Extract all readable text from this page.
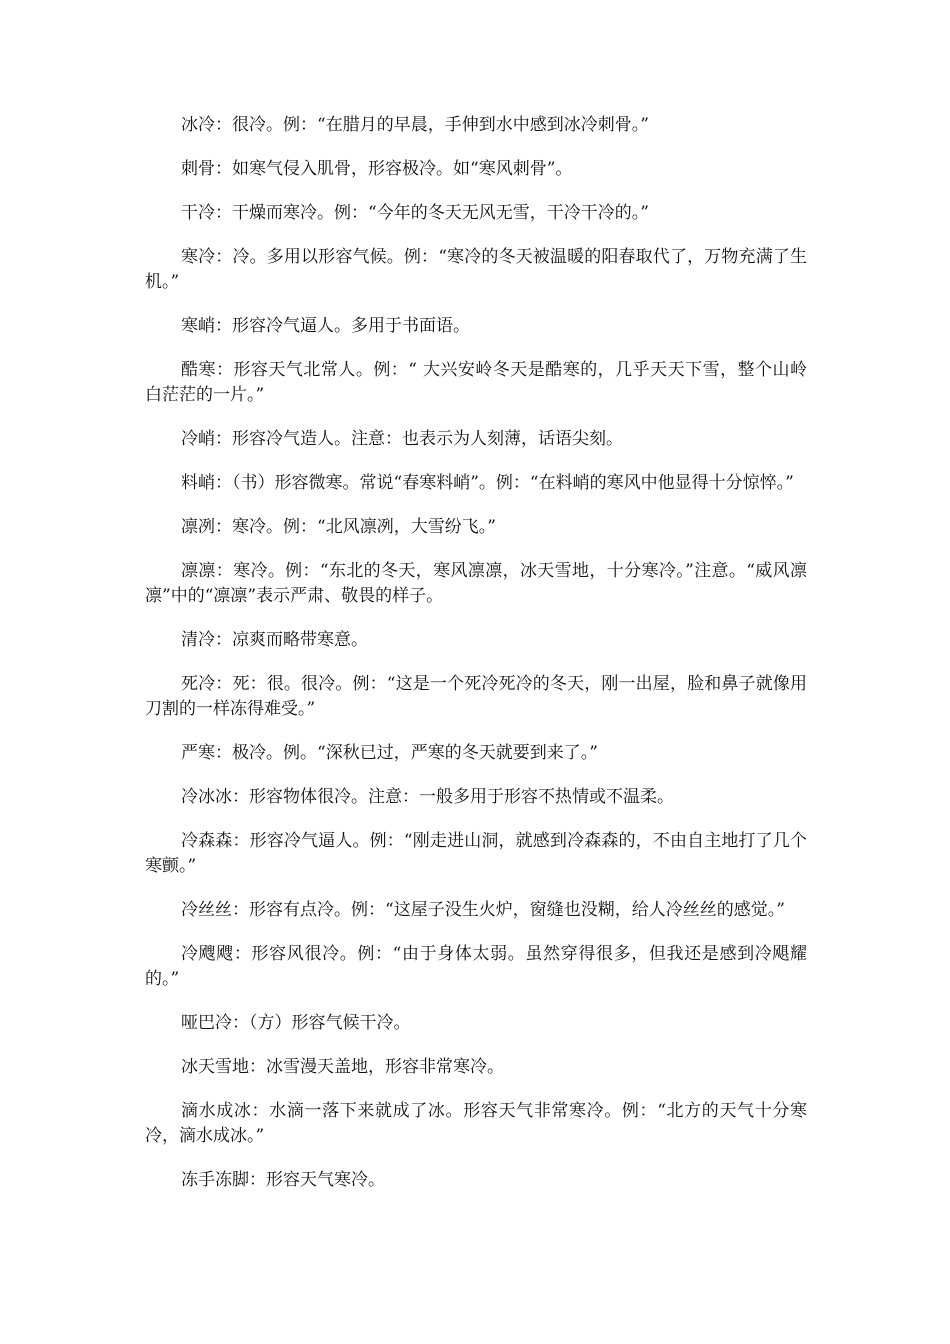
冰冷：很冷。例：“在腊月的早晨，手伸到水中感到冰冷刺骨。”

刺骨：如寒气侵入肌骨，形容极冷。如“寒风刺骨”。

干冷：干燥而寒冷。例：“今年的冬天无风无雪，干冷干冷的。”

寒冷：冷。多用以形容气候。例：“寒冷的冬天被温暖的阳春取代了，万物充满了生机。”

寒峭：形容冷气逼人。多用于书面语。

酷寒：形容天气北常人。例：“ 大兴安岭冬天是酷寒的，几乎天天下雪，整个山岭白茫茫的一片。”

冷峭：形容冷气造人。注意：也表示为人刻薄，话语尖刻。

料峭：（书）形容微寒。常说“春寒料峭”。例：“在料峭的寒风中他显得十分惊悴。”

凛冽：寒冷。例：“北风凛冽，大雪纷飞。”

凛凛：寒冷。例：“东北的冬天，寒风凛凛，冰天雪地，十分寒冷。”注意。“威风凛凛”中的“凛凛”表示严肃、敬畏的样子。

清冷：凉爽而略带寒意。

死冷：死：很。很冷。例：“这是一个死冷死冷的冬天，刚一出屋，脸和鼻子就像用刀割的一样冻得难受。”

严寒：极冷。例。“深秋已过，严寒的冬天就要到来了。”

冷冰冰：形容物体很冷。注意：一般多用于形容不热情或不温柔。

冷森森：形容冷气逼人。例：“刚走进山洞，就感到冷森森的，不由自主地打了几个寒颤。”

冷丝丝：形容有点冷。例：“这屋子没生火炉，窗缝也没糊，给人冷丝丝的感觉。”

冷飕飕：形容风很冷。例：“由于身体太弱。虽然穿得很多，但我还是感到冷飓耀的。”

哑巴冷：（方）形容气候干冷。

冰天雪地：冰雪漫天盖地，形容非常寒冷。

滴水成冰：水滴一落下来就成了冰。形容天气非常寒冷。例：“北方的天气十分寒冷，滴水成冰。”

冻手冻脚：形容天气寒冷。
